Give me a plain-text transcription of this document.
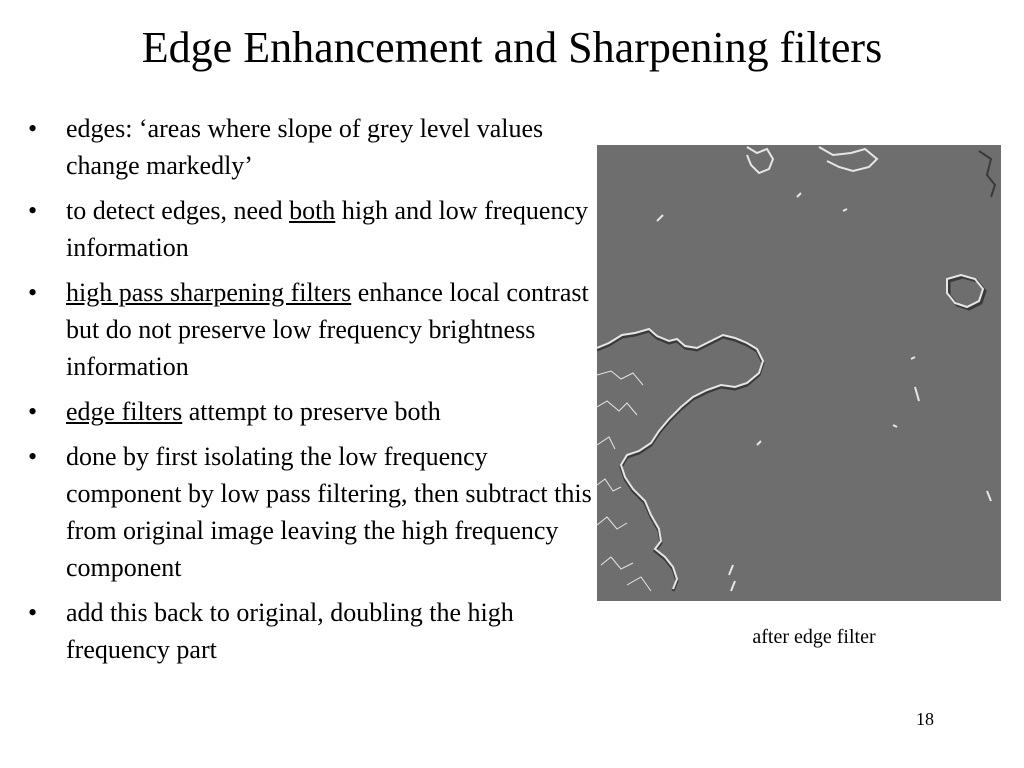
Edge Enhancement and Sharpening filters
• edges: ‘areas where slope of grey level values change markedly’
• to detect edges, need both high and low frequency information
• high pass sharpening filters enhance local contrast but do not preserve low frequency brightness information
• edge filters attempt to preserve both
• done by first isolating the low frequency component by low pass filtering, then subtract this from original image leaving the high frequency component
• add this back to original, doubling the high frequency part	after edge filter
18
